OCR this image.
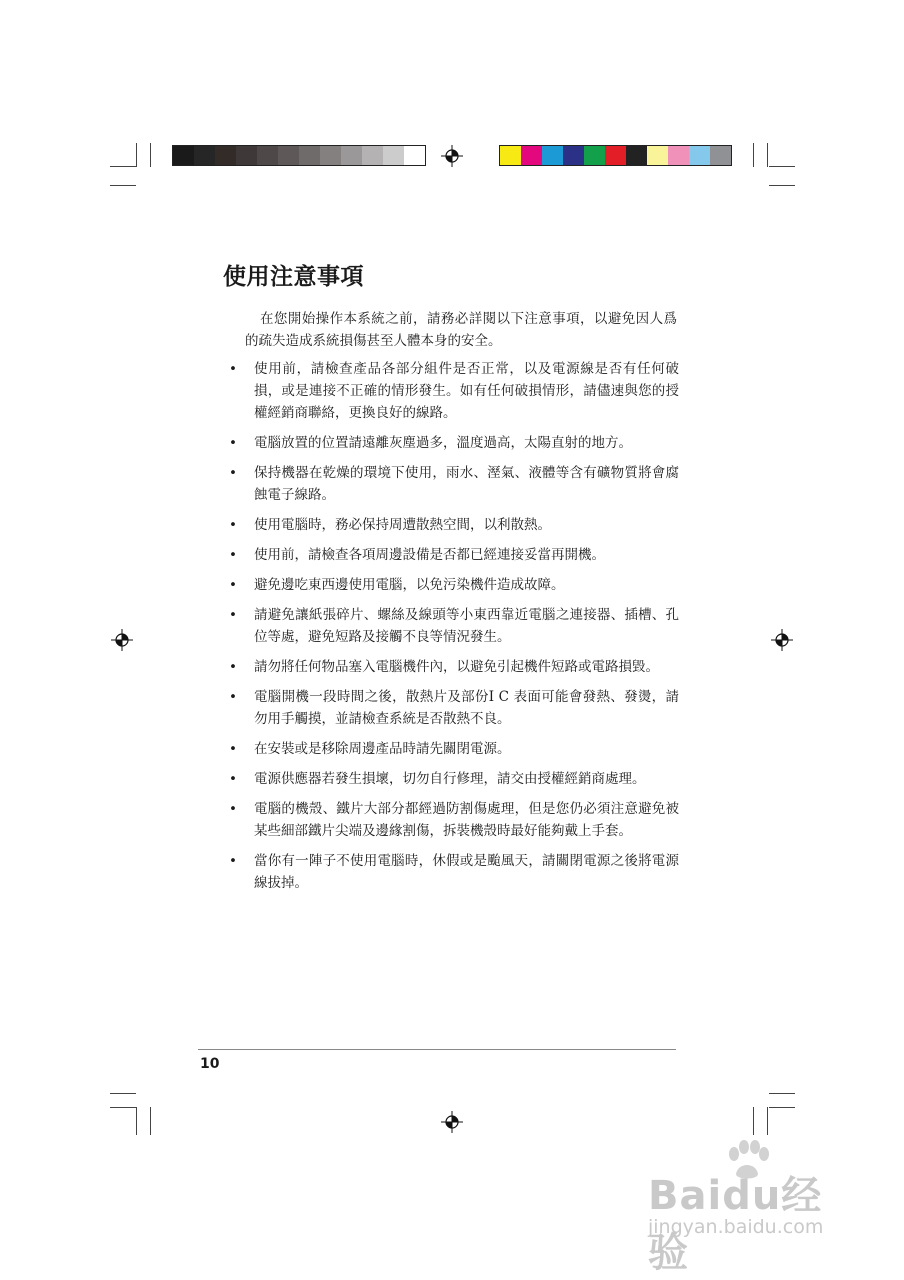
使用注意事項

在您開始操作本系統之前，請務必詳閱以下注意事項，以避免因人爲的疏失造成系統損傷甚至人體本身的安全。

• 使用前，請檢查產品各部分組件是否正常，以及電源線是否有任何破損，或是連接不正確的情形發生。如有任何破損情形，請儘速與您的授權經銷商聯絡，更換良好的線路。
• 電腦放置的位置請遠離灰塵過多，溫度過高，太陽直射的地方。
• 保持機器在乾燥的環境下使用，雨水、溼氣、液體等含有礦物質將會腐蝕電子線路。
• 使用電腦時，務必保持周遭散熱空間，以利散熱。
• 使用前，請檢查各項周邊設備是否都已經連接妥當再開機。
• 避免邊吃東西邊使用電腦，以免污染機件造成故障。
• 請避免讓紙張碎片、螺絲及線頭等小東西靠近電腦之連接器、插槽、孔位等處，避免短路及接觸不良等情況發生。
• 請勿將任何物品塞入電腦機件內，以避免引起機件短路或電路損毀。
• 電腦開機一段時間之後，散熱片及部份I C 表面可能會發熱、發燙，請勿用手觸摸，並請檢查系統是否散熱不良。
• 在安裝或是移除周邊產品時請先關閉電源。
• 電源供應器若發生損壞，切勿自行修理，請交由授權經銷商處理。
• 電腦的機殼、鐵片大部分都經過防割傷處理，但是您仍必須注意避免被某些細部鐵片尖端及邊緣割傷，拆裝機殼時最好能夠戴上手套。
• 當你有一陣子不使用電腦時，休假或是颱風天，請關閉電源之後將電源線拔掉。
10
Baidu经验
jingyan.baidu.com
